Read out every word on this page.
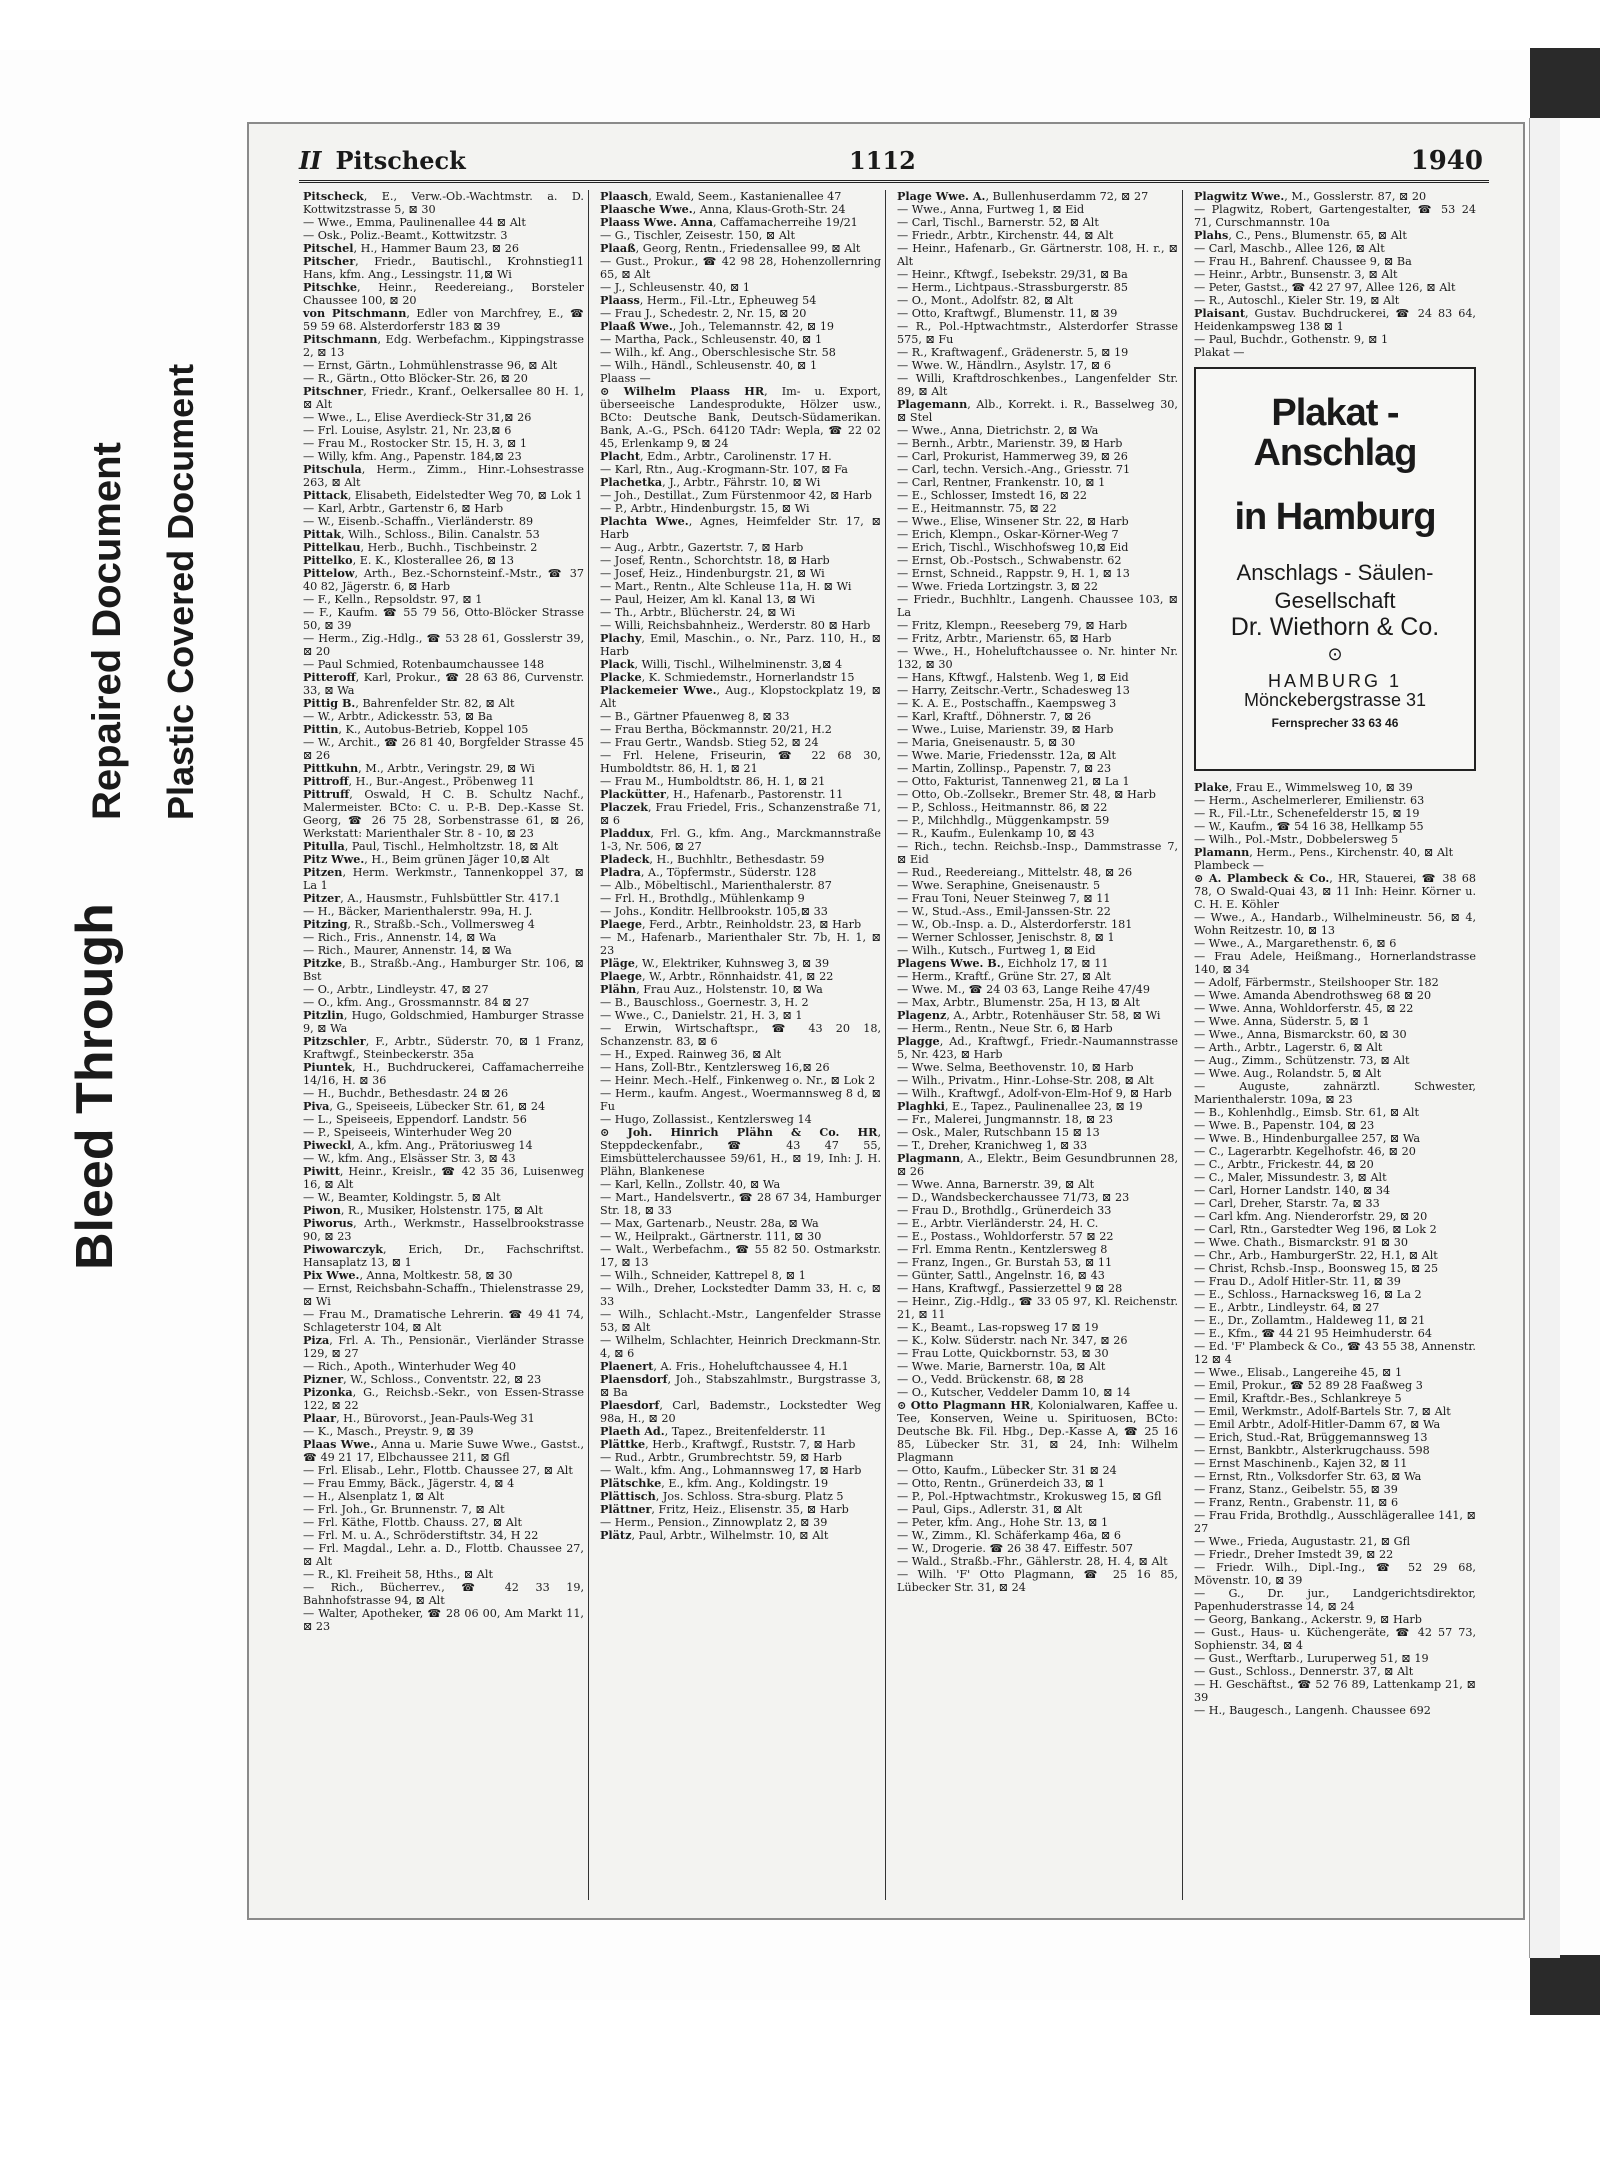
Bleed Through
Repaired Document Plastic Covered Document
II Pitscheck	1112	1940

Pitscheck, E., Verw.-Ob.-Wachtmstr. a. D. Kottwitzstrasse 5, ⊠ 30

— Wwe., Emma, Paulinenallee 44 ⊠ Alt

— Osk., Poliz.-Beamt., Kottwitzstr. 3

Pitschel, H., Hammer Baum 23, ⊠ 26

Pitscher, Friedr., Bautischl., Krohnstieg11 Hans, kfm. Ang., Lessingstr. 11,⊠ Wi

Pitschke, Heinr., Reedereiang., Borsteler Chaussee 100, ⊠ 20

von Pitschmann, Edler von Marchfrey, E., ☎ 59 59 68. Alsterdorferstr 183 ⊠ 39

Pitschmann, Edg. Werbefachm., Kippingstrasse 2, ⊠ 13

— Ernst, Gärtn., Lohmühlenstrasse 96, ⊠ Alt

— R., Gärtn., Otto Blöcker-Str. 26, ⊠ 20

Pitschner, Friedr., Kranf., Oelkersallee 80 H. 1, ⊠ Alt

— Wwe., L., Elise Averdieck-Str 31,⊠ 26

— Frl. Louise, Asylstr. 21, Nr. 23,⊠ 6

— Frau M., Rostocker Str. 15, H. 3, ⊠ 1

— Willy, kfm. Ang., Papenstr. 184,⊠ 23

Pitschula, Herm., Zimm., Hinr.-Lohsestrasse 263, ⊠ Alt

Pittack, Elisabeth, Eidelstedter Weg 70, ⊠ Lok 1

— Karl, Arbtr., Gartenstr 6, ⊠ Harb

— W., Eisenb.-Schaffn., Vierländerstr. 89

Pittak, Wilh., Schloss., Bilin. Canalstr. 53

Pittelkau, Herb., Buchh., Tischbeinstr. 2

Pittelko, E. K., Klosterallee 26, ⊠ 13

Pittelow, Arth., Bez.-Schornsteinf.-Mstr., ☎ 37 40 82, Jägerstr. 6, ⊠ Harb

— F., Kelln., Repsoldstr. 97, ⊠ 1

— F., Kaufm. ☎ 55 79 56, Otto-Blöcker Strasse 50, ⊠ 39

— Herm., Zig.-Hdlg., ☎ 53 28 61, Gosslerstr 39, ⊠ 20

— Paul Schmied, Rotenbaumchaussee 148

Pitteroff, Karl, Prokur., ☎ 28 63 86, Curvenstr. 33, ⊠ Wa

Pittig B., Bahrenfelder Str. 82, ⊠ Alt

— W., Arbtr., Adickesstr. 53, ⊠ Ba

Pittin, K., Autobus-Betrieb, Koppel 105

— W., Archit., ☎ 26 81 40, Borgfelder Strasse 45 ⊠ 26

Pittkuhn, M., Arbtr., Veringstr. 29, ⊠ Wi

Pittroff, H., Bur.-Angest., Pröbenweg 11

Pittruff, Oswald, H C. B. Schultz Nachf., Malermeister. BCto: C. u. P.-B. Dep.-Kasse St. Georg, ☎ 26 75 28, Sorbenstrasse 61, ⊠ 26, Werkstatt: Marienthaler Str. 8 - 10, ⊠ 23

Pitulla, Paul, Tischl., Helmholtzstr. 18, ⊠ Alt

Pitz Wwe., H., Beim grünen Jäger 10,⊠ Alt

Pitzen, Herm. Werkmstr., Tannenkoppel 37, ⊠ La 1

Pitzer, A., Hausmstr., Fuhlsbüttler Str. 417.1

— H., Bäcker, Marienthalerstr. 99a, H. J.

Pitzing, R., Straßb.-Sch., Vollmersweg 4

— Rich., Fris., Annenstr. 14, ⊠ Wa

— Rich., Maurer, Annenstr. 14, ⊠ Wa

Pitzke, B., Straßb.-Ang., Hamburger Str. 106, ⊠ Bst

— O., Arbtr., Lindleystr. 47, ⊠ 27

— O., kfm. Ang., Grossmannstr. 84 ⊠ 27

Pitzlin, Hugo, Goldschmied, Hamburger Strasse 9, ⊠ Wa

Pitzschler, F., Arbtr., Süderstr. 70, ⊠ 1 Franz, Kraftwgf., Steinbeckerstr. 35a

Piuntek, H., Buchdruckerei, Caffamacherreihe 14/16, H. ⊠ 36

— H., Buchdr., Bethesdastr. 24 ⊠ 26

Piva, G., Speiseeis, Lübecker Str. 61, ⊠ 24

— L., Speiseeis, Eppendorf. Landstr. 56

— P., Speiseeis, Winterhuder Weg 20

Piweckl, A., kfm. Ang., Prätoriusweg 14

— W., kfm. Ang., Elsässer Str. 3, ⊠ 43

Piwitt, Heinr., Kreislr., ☎ 42 35 36, Luisenweg 16, ⊠ Alt

— W., Beamter, Koldingstr. 5, ⊠ Alt

Piwon, R., Musiker, Holstenstr. 175, ⊠ Alt

Piworus, Arth., Werkmstr., Hasselbrookstrasse 90, ⊠ 23

Piwowarczyk, Erich, Dr., Fachschriftst. Hansaplatz 13, ⊠ 1

Pix Wwe., Anna, Moltkestr. 58, ⊠ 30

— Ernst, Reichsbahn-Schaffn., Thielenstrasse 29, ⊠ Wi

— Frau M., Dramatische Lehrerin. ☎ 49 41 74, Schlageterstr 104, ⊠ Alt

Piza, Frl. A. Th., Pensionär., Vierländer Strasse 129, ⊠ 27

— Rich., Apoth., Winterhuder Weg 40

Pizner, W., Schloss., Conventstr. 22, ⊠ 23

Pizonka, G., Reichsb.-Sekr., von Essen-Strasse 122, ⊠ 22

Plaar, H., Bürovorst., Jean-Pauls-Weg 31

— K., Masch., Preystr. 9, ⊠ 39

Plaas Wwe., Anna u. Marie Suwe Wwe., Gastst., ☎ 49 21 17, Elbchaussee 211, ⊠ Gfl

— Frl. Elisab., Lehr., Flottb. Chaussee 27, ⊠ Alt

— Frau Emmy, Bäck., Jägerstr. 4, ⊠ 4

— H., Alsenplatz 1, ⊠ Alt

— Frl. Joh., Gr. Brunnenstr. 7, ⊠ Alt

— Frl. Käthe, Flottb. Chauss. 27, ⊠ Alt

— Frl. M. u. A., Schröderstiftstr. 34, H 22

— Frl. Magdal., Lehr. a. D., Flottb. Chaussee 27, ⊠ Alt

— R., Kl. Freiheit 58, Hths., ⊠ Alt

— Rich., Bücherrev., ☎ 42 33 19, Bahnhofstrasse 94, ⊠ Alt

— Walter, Apotheker, ☎ 28 06 00, Am Markt 11, ⊠ 23

Plaasch, Ewald, Seem., Kastanienallee 47

Plaasche Wwe., Anna, Klaus-Groth-Str. 24

Plaass Wwe. Anna, Caffamacherreihe 19/21

— G., Tischler, Zeisestr. 150, ⊠ Alt

Plaaß, Georg, Rentn., Friedensallee 99, ⊠ Alt

— Gust., Prokur., ☎ 42 98 28, Hohenzollernring 65, ⊠ Alt

— J., Schleusenstr. 40, ⊠ 1

Plaass, Herm., Fil.-Ltr., Epheuweg 54

— Frau J., Schedestr. 2, Nr. 15, ⊠ 20

Plaaß Wwe., Joh., Telemannstr. 42, ⊠ 19

— Martha, Pack., Schleusenstr. 40, ⊠ 1

— Wilh., kf. Ang., Oberschlesische Str. 58

— Wilh., Händl., Schleusenstr. 40, ⊠ 1

Plaass —

⊙ Wilhelm Plaass HR, Im- u. Export, überseeische Landesprodukte, Hölzer usw., BCto: Deutsche Bank, Deutsch-Südamerikan. Bank, A.-G., PSch. 64120 TAdr: Wepla, ☎ 22 02 45, Erlenkamp 9, ⊠ 24

Placht, Edm., Arbtr., Carolinenstr. 17 H.

— Karl, Rtn., Aug.-Krogmann-Str. 107, ⊠ Fa

Plachetka, J., Arbtr., Fährstr. 10, ⊠ Wi

— Joh., Destillat., Zum Fürstenmoor 42, ⊠ Harb

— P., Arbtr., Hindenburgstr. 15, ⊠ Wi

Plachta Wwe., Agnes, Heimfelder Str. 17, ⊠ Harb

— Aug., Arbtr., Gazertstr. 7, ⊠ Harb

— Josef, Rentn., Schorchtstr. 18, ⊠ Harb

— Josef, Heiz., Hindenburgstr. 21, ⊠ Wi

— Mart., Rentn., Alte Schleuse 11a, H. ⊠ Wi

— Paul, Heizer, Am kl. Kanal 13, ⊠ Wi

— Th., Arbtr., Blücherstr. 24, ⊠ Wi

— Willi, Reichsbahnheiz., Werderstr. 80 ⊠ Harb

Plachy, Emil, Maschin., o. Nr., Parz. 110, H., ⊠ Harb

Plack, Willi, Tischl., Wilhelminenstr. 3,⊠ 4

Placke, K. Schmiedemstr., Hornerlandstr 15

Plackemeier Wwe., Aug., Klopstockplatz 19, ⊠ Alt

— B., Gärtner Pfauenweg 8, ⊠ 33

— Frau Bertha, Böckmannstr. 20/21, H.2

— Frau Gertr., Wandsb. Stieg 52, ⊠ 24

— Frl. Helene, Friseurin, ☎ 22 68 30, Humboldtstr. 86, H. 1, ⊠ 21

— Frau M., Humboldtstr. 86, H. 1, ⊠ 21

Plackütter, H., Hafenarb., Pastorenstr. 11

Placzek, Frau Friedel, Fris., Schanzenstraße 71, ⊠ 6

Pladdux, Frl. G., kfm. Ang., Marckmannstraße 1-3, Nr. 506, ⊠ 27

Pladeck, H., Buchhltr., Bethesdastr. 59

Pladra, A., Töpfermstr., Süderstr. 128

— Alb., Möbeltischl., Marienthalerstr. 87

— Frl. H., Brothdlg., Mühlenkamp 9

— Johs., Konditr. Hellbrookstr. 105,⊠ 33

Plaege, Ferd., Arbtr., Reinholdstr. 23, ⊠ Harb

— M., Hafenarb., Marienthaler Str. 7b, H. 1, ⊠ 23

Pläge, W., Elektriker, Kuhnsweg 3, ⊠ 39

Plaege, W., Arbtr., Rönnhaidstr. 41, ⊠ 22

Plähn, Frau Auz., Holstenstr. 10, ⊠ Wa

— B., Bauschloss., Goernestr. 3, H. 2

— Wwe., C., Danielstr. 21, H. 3, ⊠ 1

— Erwin, Wirtschaftspr., ☎ 43 20 18, Schanzenstr. 83, ⊠ 6

— H., Exped. Rainweg 36, ⊠ Alt

— Hans, Zoll-Btr., Kentzlersweg 16,⊠ 26

— Heinr. Mech.-Helf., Finkenweg o. Nr., ⊠ Lok 2

— Herm., kaufm. Angest., Woermannsweg 8 d, ⊠ Fu

— Hugo, Zollassist., Kentzlersweg 14

⊙ Joh. Hinrich Plähn & Co. HR, Steppdeckenfabr., ☎ 43 47 55, Eimsbüttelerchaussee 59/61, H., ⊠ 19, Inh: J. H. Plähn, Blankenese

— Karl, Kelln., Zollstr. 40, ⊠ Wa

— Mart., Handelsvertr., ☎ 28 67 34, Hamburger Str. 18, ⊠ 33

— Max, Gartenarb., Neustr. 28a, ⊠ Wa

— W., Heilprakt., Gärtnerstr. 111, ⊠ 30

— Walt., Werbefachm., ☎ 55 82 50. Ostmarkstr. 17, ⊠ 13

— Wilh., Schneider, Kattrepel 8, ⊠ 1

— Wilh., Dreher, Lockstedter Damm 33, H. c, ⊠ 33

— Wilh., Schlacht.-Mstr., Langenfelder Strasse 53, ⊠ Alt

— Wilhelm, Schlachter, Heinrich Dreckmann-Str. 4, ⊠ 6

Plaenert, A. Fris., Hoheluftchaussee 4, H.1

Plaensdorf, Joh., Stabszahlmstr., Burgstrasse 3, ⊠ Ba

Plaesdorf, Carl, Bademstr., Lockstedter Weg 98a, H., ⊠ 20

Plaeth Ad., Tapez., Breitenfelderstr. 11

Plättke, Herb., Kraftwgf., Ruststr. 7, ⊠ Harb

— Rud., Arbtr., Grumbrechtstr. 59, ⊠ Harb

— Walt., kfm. Ang., Lohmannsweg 17, ⊠ Harb

Plätschke, E., kfm. Ang., Koldingstr. 19

Plättisch, Jos. Schloss. Stra-sburg. Platz 5

Plättner, Fritz, Heiz., Elisenstr. 35, ⊠ Harb

— Herm., Pension., Zinnowplatz 2, ⊠ 39

Plätz, Paul, Arbtr., Wilhelmstr. 10, ⊠ Alt

Plage Wwe. A., Bullenhuserdamm 72, ⊠ 27

— Wwe., Anna, Furtweg 1, ⊠ Eid

— Carl, Tischl., Barnerstr. 52, ⊠ Alt

— Friedr., Arbtr., Kirchenstr. 44, ⊠ Alt

— Heinr., Hafenarb., Gr. Gärtnerstr. 108, H. r., ⊠ Alt

— Heinr., Kftwgf., Isebekstr. 29/31, ⊠ Ba

— Herm., Lichtpaus.-Strassburgerstr. 85

— O., Mont., Adolfstr. 82, ⊠ Alt

— Otto, Kraftwgf., Blumenstr. 11, ⊠ 39

— R., Pol.-Hptwachtmstr., Alsterdorfer Strasse 575, ⊠ Fu

— R., Kraftwagenf., Grädenerstr. 5, ⊠ 19

— Wwe. W., Händlrn., Asylstr. 17, ⊠ 6

— Willi, Kraftdroschkenbes., Langenfelder Str. 89, ⊠ Alt

Plagemann, Alb., Korrekt. i. R., Basselweg 30, ⊠ Stel

— Wwe., Anna, Dietrichstr. 2, ⊠ Wa

— Bernh., Arbtr., Marienstr. 39, ⊠ Harb

— Carl, Prokurist, Hammerweg 39, ⊠ 26

— Carl, techn. Versich.-Ang., Griesstr. 71

— Carl, Rentner, Frankenstr. 10, ⊠ 1

— E., Schlosser, Imstedt 16, ⊠ 22

— E., Heitmannstr. 75, ⊠ 22

— Wwe., Elise, Winsener Str. 22, ⊠ Harb

— Erich, Klempn., Oskar-Körner-Weg 7

— Erich, Tischl., Wischhofsweg 10,⊠ Eid

— Ernst, Ob.-Postsch., Schwabenstr. 62

— Ernst, Schneid., Rappstr. 9, H. 1, ⊠ 13

— Wwe. Frieda Lortzingstr. 3, ⊠ 22

— Friedr., Buchhltr., Langenh. Chaussee 103, ⊠ La

— Fritz, Klempn., Reeseberg 79, ⊠ Harb

— Fritz, Arbtr., Marienstr. 65, ⊠ Harb

— Wwe., H., Hoheluftchaussee o. Nr. hinter Nr. 132, ⊠ 30

— Hans, Kftwgf., Halstenb. Weg 1, ⊠ Eid

— Harry, Zeitschr.-Vertr., Schadesweg 13

— K. A. E., Postschaffn., Kaempsweg 3

— Karl, Kraftf., Döhnerstr. 7, ⊠ 26

— Wwe., Luise, Marienstr. 39, ⊠ Harb

— Maria, Gneisenaustr. 5, ⊠ 30

— Wwe. Marie, Friedensstr. 12a, ⊠ Alt

— Martin, Zollinsp., Papenstr. 7, ⊠ 23

— Otto, Fakturist, Tannenweg 21, ⊠ La 1

— Otto, Ob.-Zollsekr., Bremer Str. 48, ⊠ Harb

— P., Schloss., Heitmannstr. 86, ⊠ 22

— P., Milchhdlg., Müggenkampstr. 59

— R., Kaufm., Eulenkamp 10, ⊠ 43

— Rich., techn. Reichsb.-Insp., Dammstrasse 7, ⊠ Eid

— Rud., Reedereiang., Mittelstr. 48, ⊠ 26

— Wwe. Seraphine, Gneisenaustr. 5

— Frau Toni, Neuer Steinweg 7, ⊠ 11

— W., Stud.-Ass., Emil-Janssen-Str. 22

— W., Ob.-Insp. a. D., Alsterdorferstr. 181

— Werner Schlosser, Jenischstr. 8, ⊠ 1

— Wilh., Kutsch., Furtweg 1, ⊠ Eid

Plagens Wwe. B., Eichholz 17, ⊠ 11

— Herm., Kraftf., Grüne Str. 27, ⊠ Alt

— Wwe. M., ☎ 24 03 63, Lange Reihe 47/49

— Max, Arbtr., Blumenstr. 25a, H 13, ⊠ Alt

Plagenz, A., Arbtr., Rotenhäuser Str. 58, ⊠ Wi

— Herm., Rentn., Neue Str. 6, ⊠ Harb

Plagge, Ad., Kraftwgf., Friedr.-Naumannstrasse 5, Nr. 423, ⊠ Harb

— Wwe. Selma, Beethovenstr. 10, ⊠ Harb

— Wilh., Privatm., Hinr.-Lohse-Str. 208, ⊠ Alt

— Wilh., Kraftwgf., Adolf-von-Elm-Hof 9, ⊠ Harb

Plaghki, E., Tapez., Paulinenallee 23, ⊠ 19

— Fr., Malerei, Jungmannstr. 18, ⊠ 23

— Osk., Maler, Rutschbann 15 ⊠ 13

— T., Dreher, Kranichweg 1, ⊠ 33

Plagmann, A., Elektr., Beim Gesundbrunnen 28, ⊠ 26

— Wwe. Anna, Barnerstr. 39, ⊠ Alt

— D., Wandsbeckerchaussee 71/73, ⊠ 23

— Frau D., Brothdlg., Grünerdeich 33

— E., Arbtr. Vierländerstr. 24, H. C.

— E., Postass., Wohldorferstr. 57 ⊠ 22

— Frl. Emma Rentn., Kentzlersweg 8

— Franz, Ingen., Gr. Burstah 53, ⊠ 11

— Günter, Sattl., Angelnstr. 16, ⊠ 43

— Hans, Kraftwgf., Passierzettel 9 ⊠ 28

— Heinr., Zig.-Hdlg., ☎ 33 05 97, Kl. Reichenstr. 21, ⊠ 11

— K., Beamt., Las-ropsweg 17 ⊠ 19

— K., Kolw. Süderstr. nach Nr. 347, ⊠ 26

— Frau Lotte, Quickbornstr. 53, ⊠ 30

— Wwe. Marie, Barnerstr. 10a, ⊠ Alt

— O., Vedd. Brückenstr. 68, ⊠ 28

— O., Kutscher, Veddeler Damm 10, ⊠ 14

⊙ Otto Plagmann HR, Kolonialwaren, Kaffee u. Tee, Konserven, Weine u. Spirituosen, BCto: Deutsche Bk. Fil. Hbg., Dep.-Kasse A, ☎ 25 16 85, Lübecker Str. 31, ⊠ 24, Inh: Wilhelm Plagmann

— Otto, Kaufm., Lübecker Str. 31 ⊠ 24

— Otto, Rentn., Grünerdeich 33, ⊠ 1

— P., Pol.-Hptwachtmstr., Krokusweg 15, ⊠ Gfl

— Paul, Gips., Adlerstr. 31, ⊠ Alt

— Peter, kfm. Ang., Hohe Str. 13, ⊠ 1

— W., Zimm., Kl. Schäferkamp 46a, ⊠ 6

— W., Drogerie. ☎ 26 38 47. Eiffestr. 507

— Wald., Straßb.-Fhr., Gählerstr. 28, H. 4, ⊠ Alt

— Wilh. 'F' Otto Plagmann, ☎ 25 16 85, Lübecker Str. 31, ⊠ 24

Plagwitz Wwe., M., Gosslerstr. 87, ⊠ 20

— Plagwitz, Robert, Gartengestalter, ☎ 53 24 71, Curschmannstr. 10a

Plahs, C., Pens., Blumenstr. 65, ⊠ Alt

— Carl, Maschb., Allee 126, ⊠ Alt

— Frau H., Bahrenf. Chaussee 9, ⊠ Ba

— Heinr., Arbtr., Bunsenstr. 3, ⊠ Alt

— Peter, Gastst., ☎ 42 27 97, Allee 126, ⊠ Alt

— R., Autoschl., Kieler Str. 19, ⊠ Alt

Plaisant, Gustav. Buchdruckerei, ☎ 24 83 64, Heidenkampsweg 138 ⊠ 1

— Paul, Buchdr., Gothenstr. 9, ⊠ 1

Plakat —

Plakat - Anschlag
in Hamburg
Anschlags - Säulen-
Gesellschaft
Dr. Wiethorn & Co.
⊙
HAMBURG 1
Mönckebergstrasse 31
Fernsprecher 33 63 46

Plake, Frau E., Wimmelsweg 10, ⊠ 39

— Herm., Aschelmerlerer, Emilienstr. 63

— R., Fil.-Ltr., Schenefelderstr 15, ⊠ 19

— W., Kaufm., ☎ 54 16 38, Hellkamp 55

— Wilh., Pol.-Mstr., Dobbelersweg 5

Plamann, Herm., Pens., Kirchenstr. 40, ⊠ Alt

Plambeck —

⊙ A. Plambeck & Co., HR, Stauerei, ☎ 38 68 78, O Swald-Quai 43, ⊠ 11 Inh: Heinr. Körner u. C. H. E. Köhler

— Wwe., A., Handarb., Wilhelmineustr. 56, ⊠ 4, Wohn Reitzestr. 10, ⊠ 13

— Wwe., A., Margarethenstr. 6, ⊠ 6

— Frau Adele, Heißmang., Hornerlandstrasse 140, ⊠ 34

— Adolf, Färbermstr., Steilshooper Str. 182

— Wwe. Amanda Abendrothsweg 68 ⊠ 20

— Wwe. Anna, Wohldorferstr. 45, ⊠ 22

— Wwe. Anna, Süderstr. 5, ⊠ 1

— Wwe., Anna, Bismarckstr. 60, ⊠ 30

— Arth., Arbtr., Lagerstr. 6, ⊠ Alt

— Aug., Zimm., Schützenstr. 73, ⊠ Alt

— Wwe. Aug., Rolandstr. 5, ⊠ Alt

— Auguste, zahnärztl. Schwester, Marienthalerstr. 109a, ⊠ 23

— B., Kohlenhdlg., Eimsb. Str. 61, ⊠ Alt

— Wwe. B., Papenstr. 104, ⊠ 23

— Wwe. B., Hindenburgallee 257, ⊠ Wa

— C., Lagerarbtr. Kegelhofstr. 46, ⊠ 20

— C., Arbtr., Frickestr. 44, ⊠ 20

— C., Maler, Missundestr. 3, ⊠ Alt

— Carl, Horner Landstr. 140, ⊠ 34

— Carl, Dreher, Starstr. 7a, ⊠ 33

— Carl kfm. Ang. Nienderorfstr. 29, ⊠ 20

— Carl, Rtn., Garstedter Weg 196, ⊠ Lok 2

— Wwe. Chath., Bismarckstr. 91 ⊠ 30

— Chr., Arb., HamburgerStr. 22, H.1, ⊠ Alt

— Christ, Rchsb.-Insp., Boonsweg 15, ⊠ 25

— Frau D., Adolf Hitler-Str. 11, ⊠ 39

— E., Schloss., Harnacksweg 16, ⊠ La 2

— E., Arbtr., Lindleystr. 64, ⊠ 27

— E., Dr., Zollamtm., Haldeweg 11, ⊠ 21

— E., Kfm., ☎ 44 21 95 Heimhuderstr. 64

— Ed. 'F' Plambeck & Co., ☎ 43 55 38, Annenstr. 12 ⊠ 4

— Wwe., Elisab., Langereihe 45, ⊠ 1

— Emil, Prokur., ☎ 52 89 28 Faaßweg 3

— Emil, Kraftdr.-Bes., Schlankreye 5

— Emil, Werkmstr., Adolf-Bartels Str. 7, ⊠ Alt

— Emil Arbtr., Adolf-Hitler-Damm 67, ⊠ Wa

— Erich, Stud.-Rat, Brüggemannsweg 13

— Ernst, Bankbtr., Alsterkrugchauss. 598

— Ernst Maschinenb., Kajen 32, ⊠ 11

— Ernst, Rtn., Volksdorfer Str. 63, ⊠ Wa

— Franz, Stanz., Geibelstr. 55, ⊠ 39

— Franz, Rentn., Grabenstr. 11, ⊠ 6

— Frau Frida, Brothdlg., Ausschlägerallee 141, ⊠ 27

— Wwe., Frieda, Augustastr. 21, ⊠ Gfl

— Friedr., Dreher Imstedt 39, ⊠ 22

— Friedr. Wilh., Dipl.-Ing., ☎ 52 29 68, Mövenstr. 10, ⊠ 39

— G., Dr. jur., Landgerichtsdirektor, Papenhuderstrasse 14, ⊠ 24

— Georg, Bankang., Ackerstr. 9, ⊠ Harb

— Gust., Haus- u. Küchengeräte, ☎ 42 57 73, Sophienstr. 34, ⊠ 4

— Gust., Werftarb., Luruperweg 51, ⊠ 19

— Gust., Schloss., Dennerstr. 37, ⊠ Alt

— H. Geschäftst., ☎ 52 76 89, Lattenkamp 21, ⊠ 39

— H., Baugesch., Langenh. Chaussee 692
